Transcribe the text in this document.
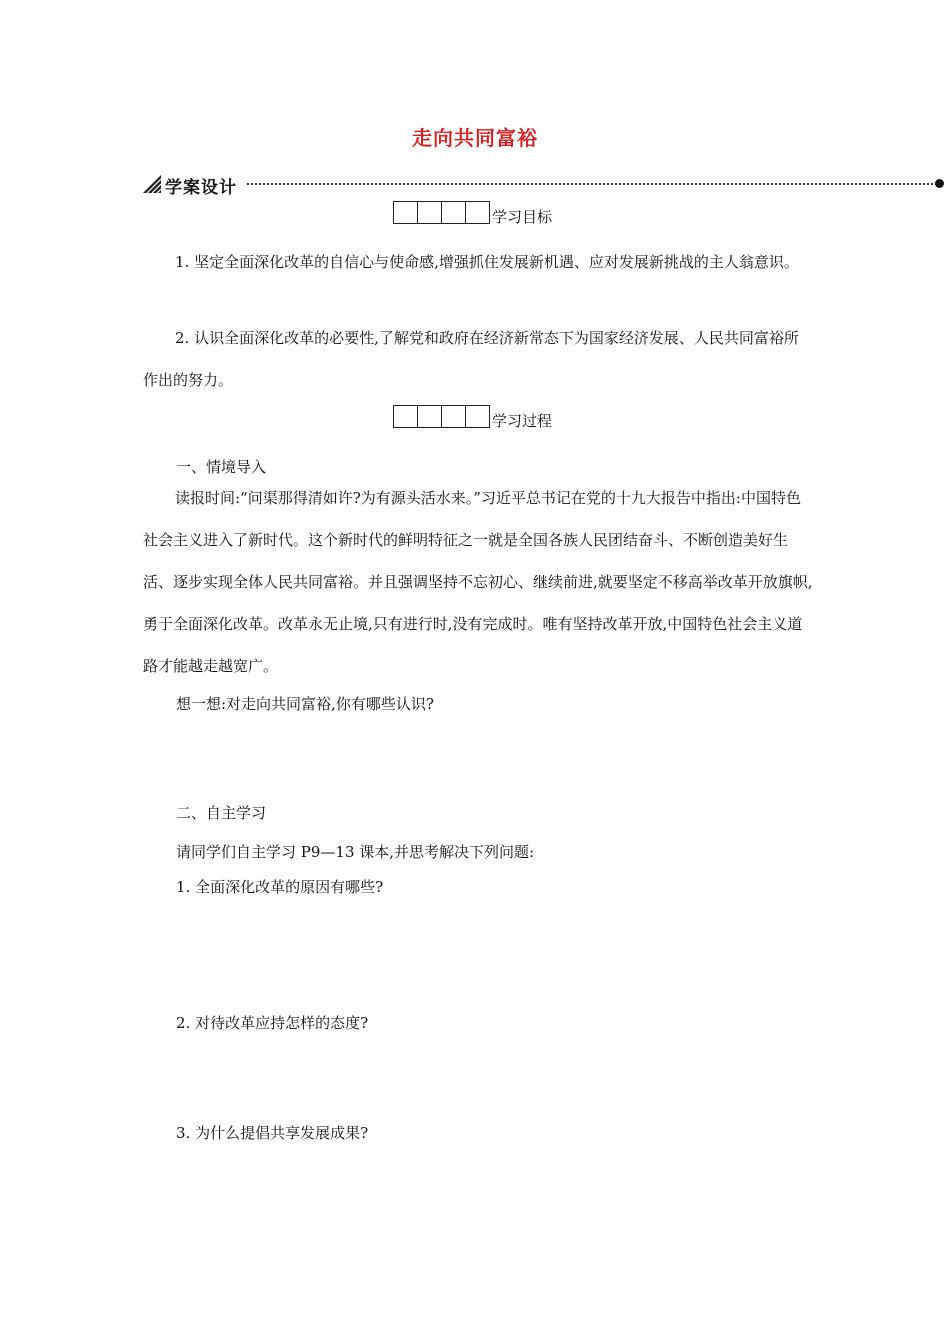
走向共同富裕
学案设计
学习目标

1. 坚定全面深化改革的自信心与使命感,增强抓住发展新机遇、应对发展新挑战的主人翁意识。

2. 认识全面深化改革的必要性,了解党和政府在经济新常态下为国家经济发展、人民共同富裕所作出的努力。

学习过程
一、情境导入

读报时间:“问渠那得清如许?为有源头活水来。”习近平总书记在党的十九大报告中指出:中国特色社会主义进入了新时代。这个新时代的鲜明特征之一就是全国各族人民团结奋斗、不断创造美好生活、逐步实现全体人民共同富裕。并且强调坚持不忘初心、继续前进,就要坚定不移高举改革开放旗帜,勇于全面深化改革。改革永无止境,只有进行时,没有完成时。唯有坚持改革开放,中国特色社会主义道路才能越走越宽广。

想一想:对走向共同富裕,你有哪些认识?
二、自主学习
请同学们自主学习 P9—13 课本,并思考解决下列问题:
1. 全面深化改革的原因有哪些?
2. 对待改革应持怎样的态度?
3. 为什么提倡共享发展成果?
